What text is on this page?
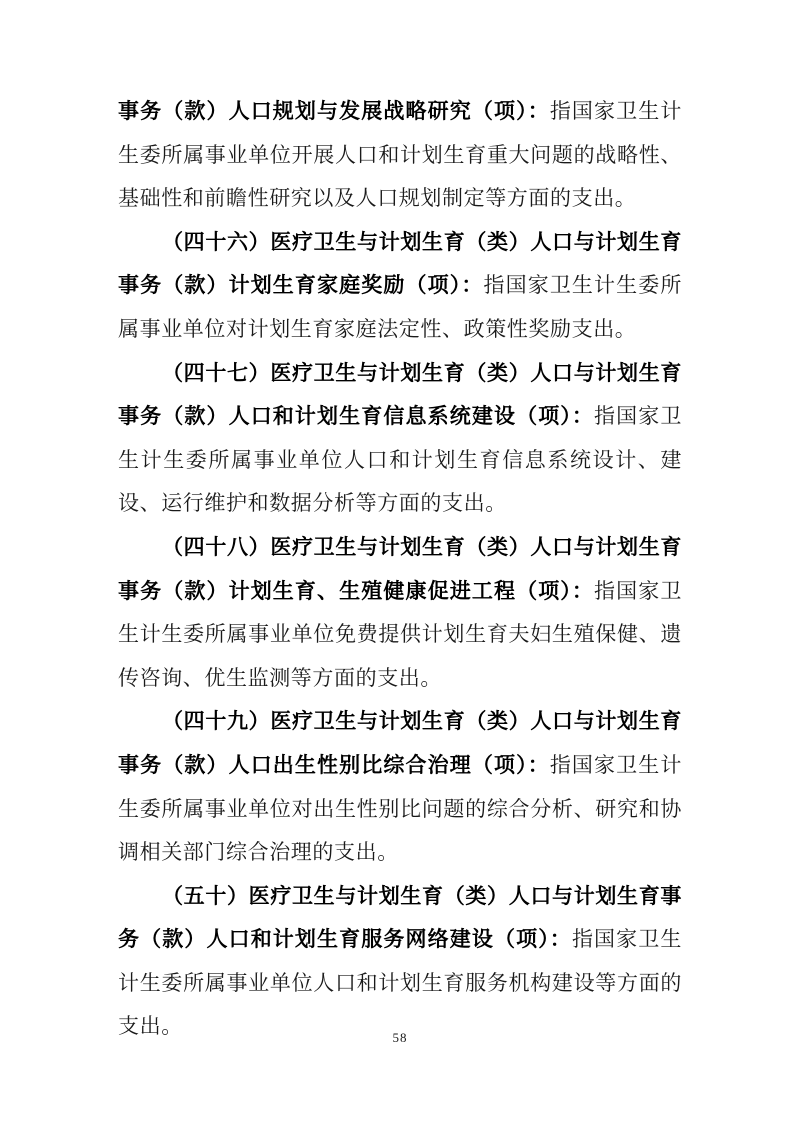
事务（款）人口规划与发展战略研究（项）：指国家卫生计生委所属事业单位开展人口和计划生育重大问题的战略性、基础性和前瞻性研究以及人口规划制定等方面的支出。

（四十六）医疗卫生与计划生育（类）人口与计划生育事务（款）计划生育家庭奖励（项）：指国家卫生计生委所属事业单位对计划生育家庭法定性、政策性奖励支出。

（四十七）医疗卫生与计划生育（类）人口与计划生育事务（款）人口和计划生育信息系统建设（项）：指国家卫生计生委所属事业单位人口和计划生育信息系统设计、建设、运行维护和数据分析等方面的支出。

（四十八）医疗卫生与计划生育（类）人口与计划生育事务（款）计划生育、生殖健康促进工程（项）：指国家卫生计生委所属事业单位免费提供计划生育夫妇生殖保健、遗传咨询、优生监测等方面的支出。

（四十九）医疗卫生与计划生育（类）人口与计划生育事务（款）人口出生性别比综合治理（项）：指国家卫生计生委所属事业单位对出生性别比问题的综合分析、研究和协调相关部门综合治理的支出。

（五十）医疗卫生与计划生育（类）人口与计划生育事务（款）人口和计划生育服务网络建设（项）：指国家卫生计生委所属事业单位人口和计划生育服务机构建设等方面的支出。	58
